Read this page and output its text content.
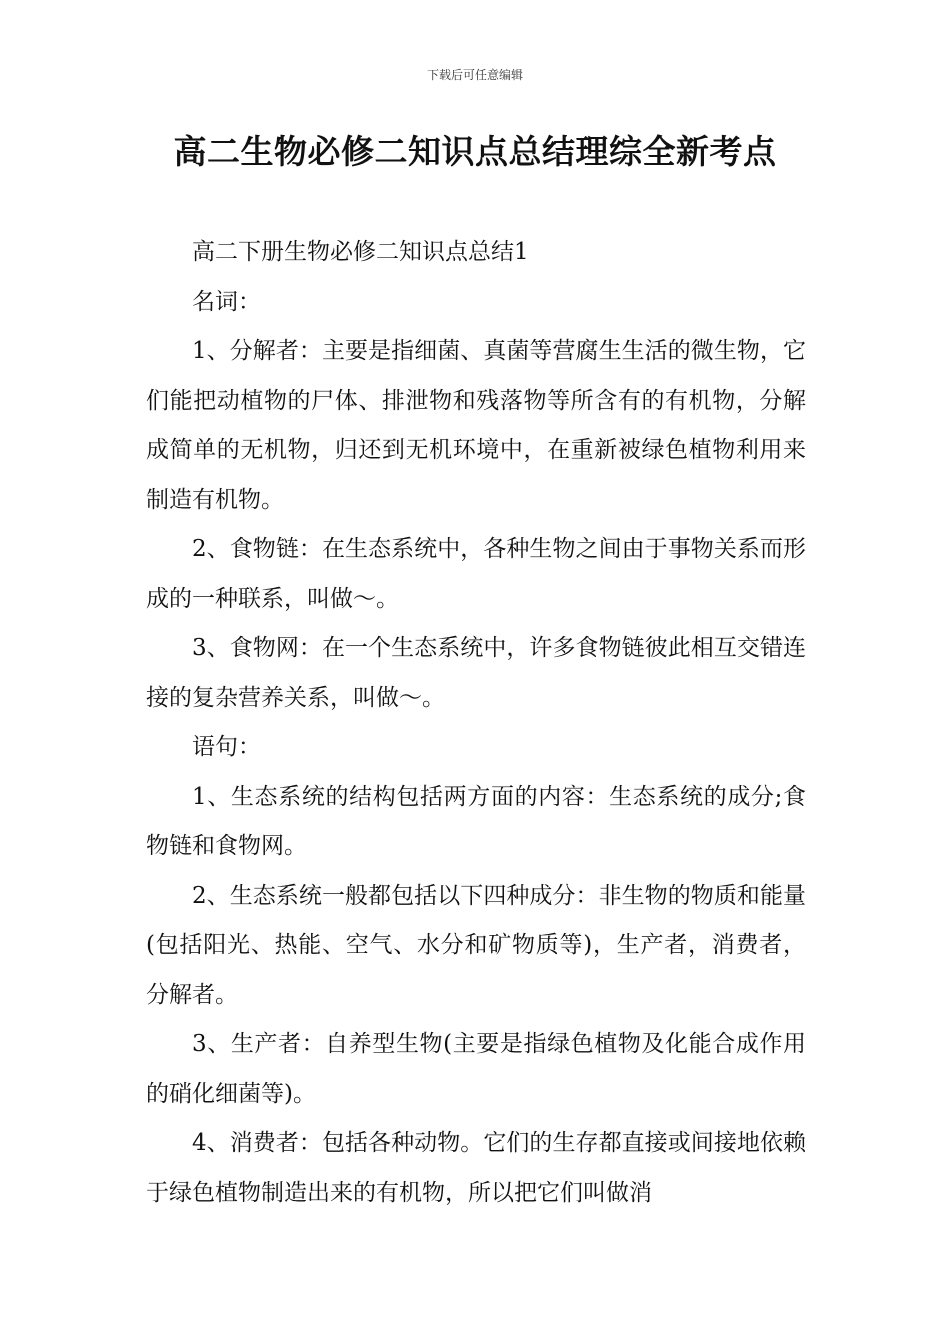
下载后可任意编辑
高二生物必修二知识点总结理综全新考点

高二下册生物必修二知识点总结1

名词：

1、分解者：主要是指细菌、真菌等营腐生生活的微生物，它们能把动植物的尸体、排泄物和残落物等所含有的有机物，分解成简单的无机物，归还到无机环境中，在重新被绿色植物利用来制造有机物。

2、食物链：在生态系统中，各种生物之间由于事物关系而形成的一种联系，叫做～。

3、食物网：在一个生态系统中，许多食物链彼此相互交错连接的复杂营养关系，叫做～。

语句：

1、生态系统的结构包括两方面的内容：生态系统的成分;食物链和食物网。

2、生态系统一般都包括以下四种成分：非生物的物质和能量(包括阳光、热能、空气、水分和矿物质等)，生产者，消费者，分解者。

3、生产者：自养型生物(主要是指绿色植物及化能合成作用的硝化细菌等)。

4、消费者：包括各种动物。它们的生存都直接或间接地依赖于绿色植物制造出来的有机物，所以把它们叫做消
